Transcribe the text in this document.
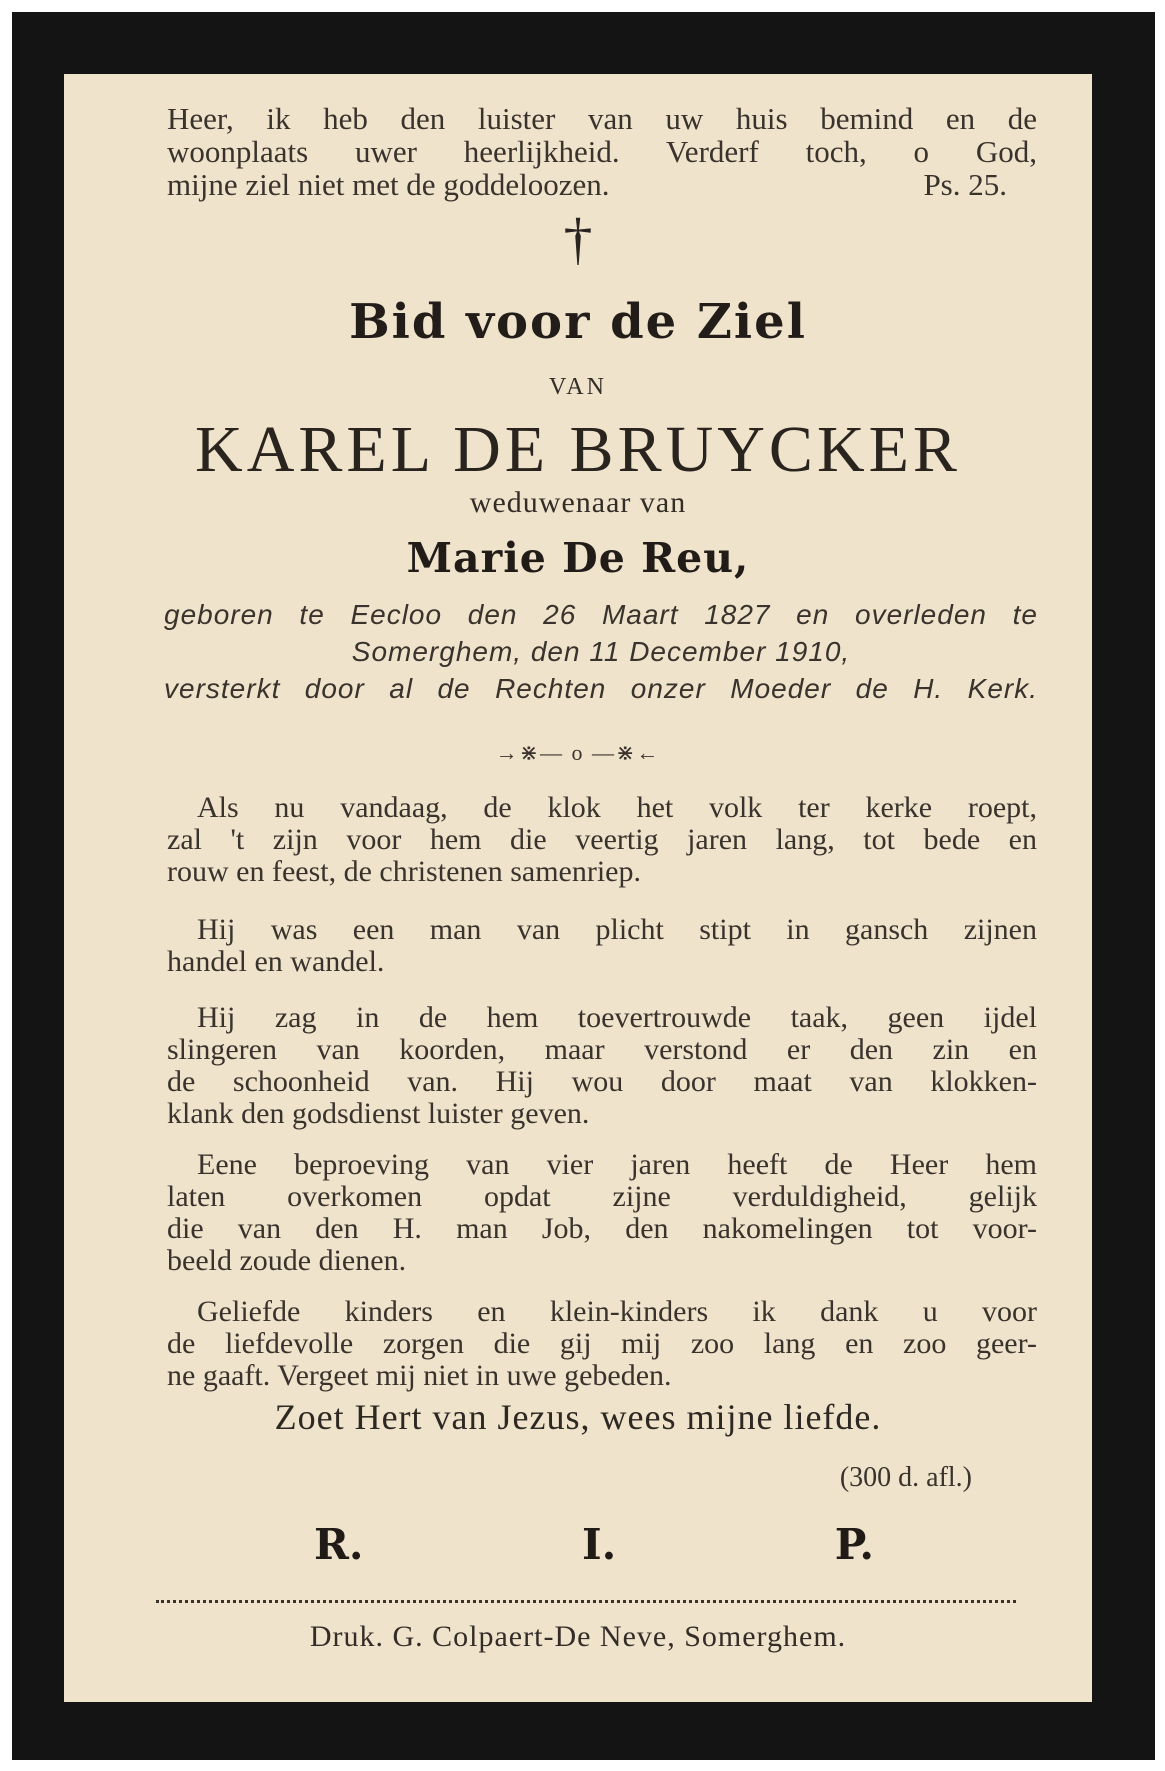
Heer, ik heb den luister van uw huis bemind en de
woonplaats uwer heerlijkheid. Verderf toch, o God,
mijne ziel niet met de goddeloozen.	Ps. 25.
†
Bid voor de Ziel
VAN
KAREL DE BRUYCKER
weduwenaar van
Marie De Reu,
geboren te Eecloo den 26 Maart 1827 en overleden te
Somerghem, den 11 December 1910,
versterkt door al de Rechten onzer Moeder de H. Kerk.
→⋇— o —⋇←
Als nu vandaag, de klok het volk ter kerke roept,
zal 't zijn voor hem die veertig jaren lang, tot bede en
rouw en feest, de christenen samenriep.
Hij was een man van plicht stipt in gansch zijnen
handel en wandel.
Hij zag in de hem toevertrouwde taak, geen ijdel
slingeren van koorden, maar verstond er den zin en
de schoonheid van. Hij wou door maat van klokken-
klank den godsdienst luister geven.
Eene beproeving van vier jaren heeft de Heer hem
laten overkomen opdat zijne verduldigheid, gelijk
die van den H. man Job, den nakomelingen tot voor-
beeld zoude dienen.
Geliefde kinders en klein-kinders ik dank u voor
de liefdevolle zorgen die gij mij zoo lang en zoo geer-
ne gaaft. Vergeet mij niet in uwe gebeden.
Zoet Hert van Jezus, wees mijne liefde.
(300 d. afl.)
R.	I.	P.
Druk. G. Colpaert-De Neve, Somerghem.
